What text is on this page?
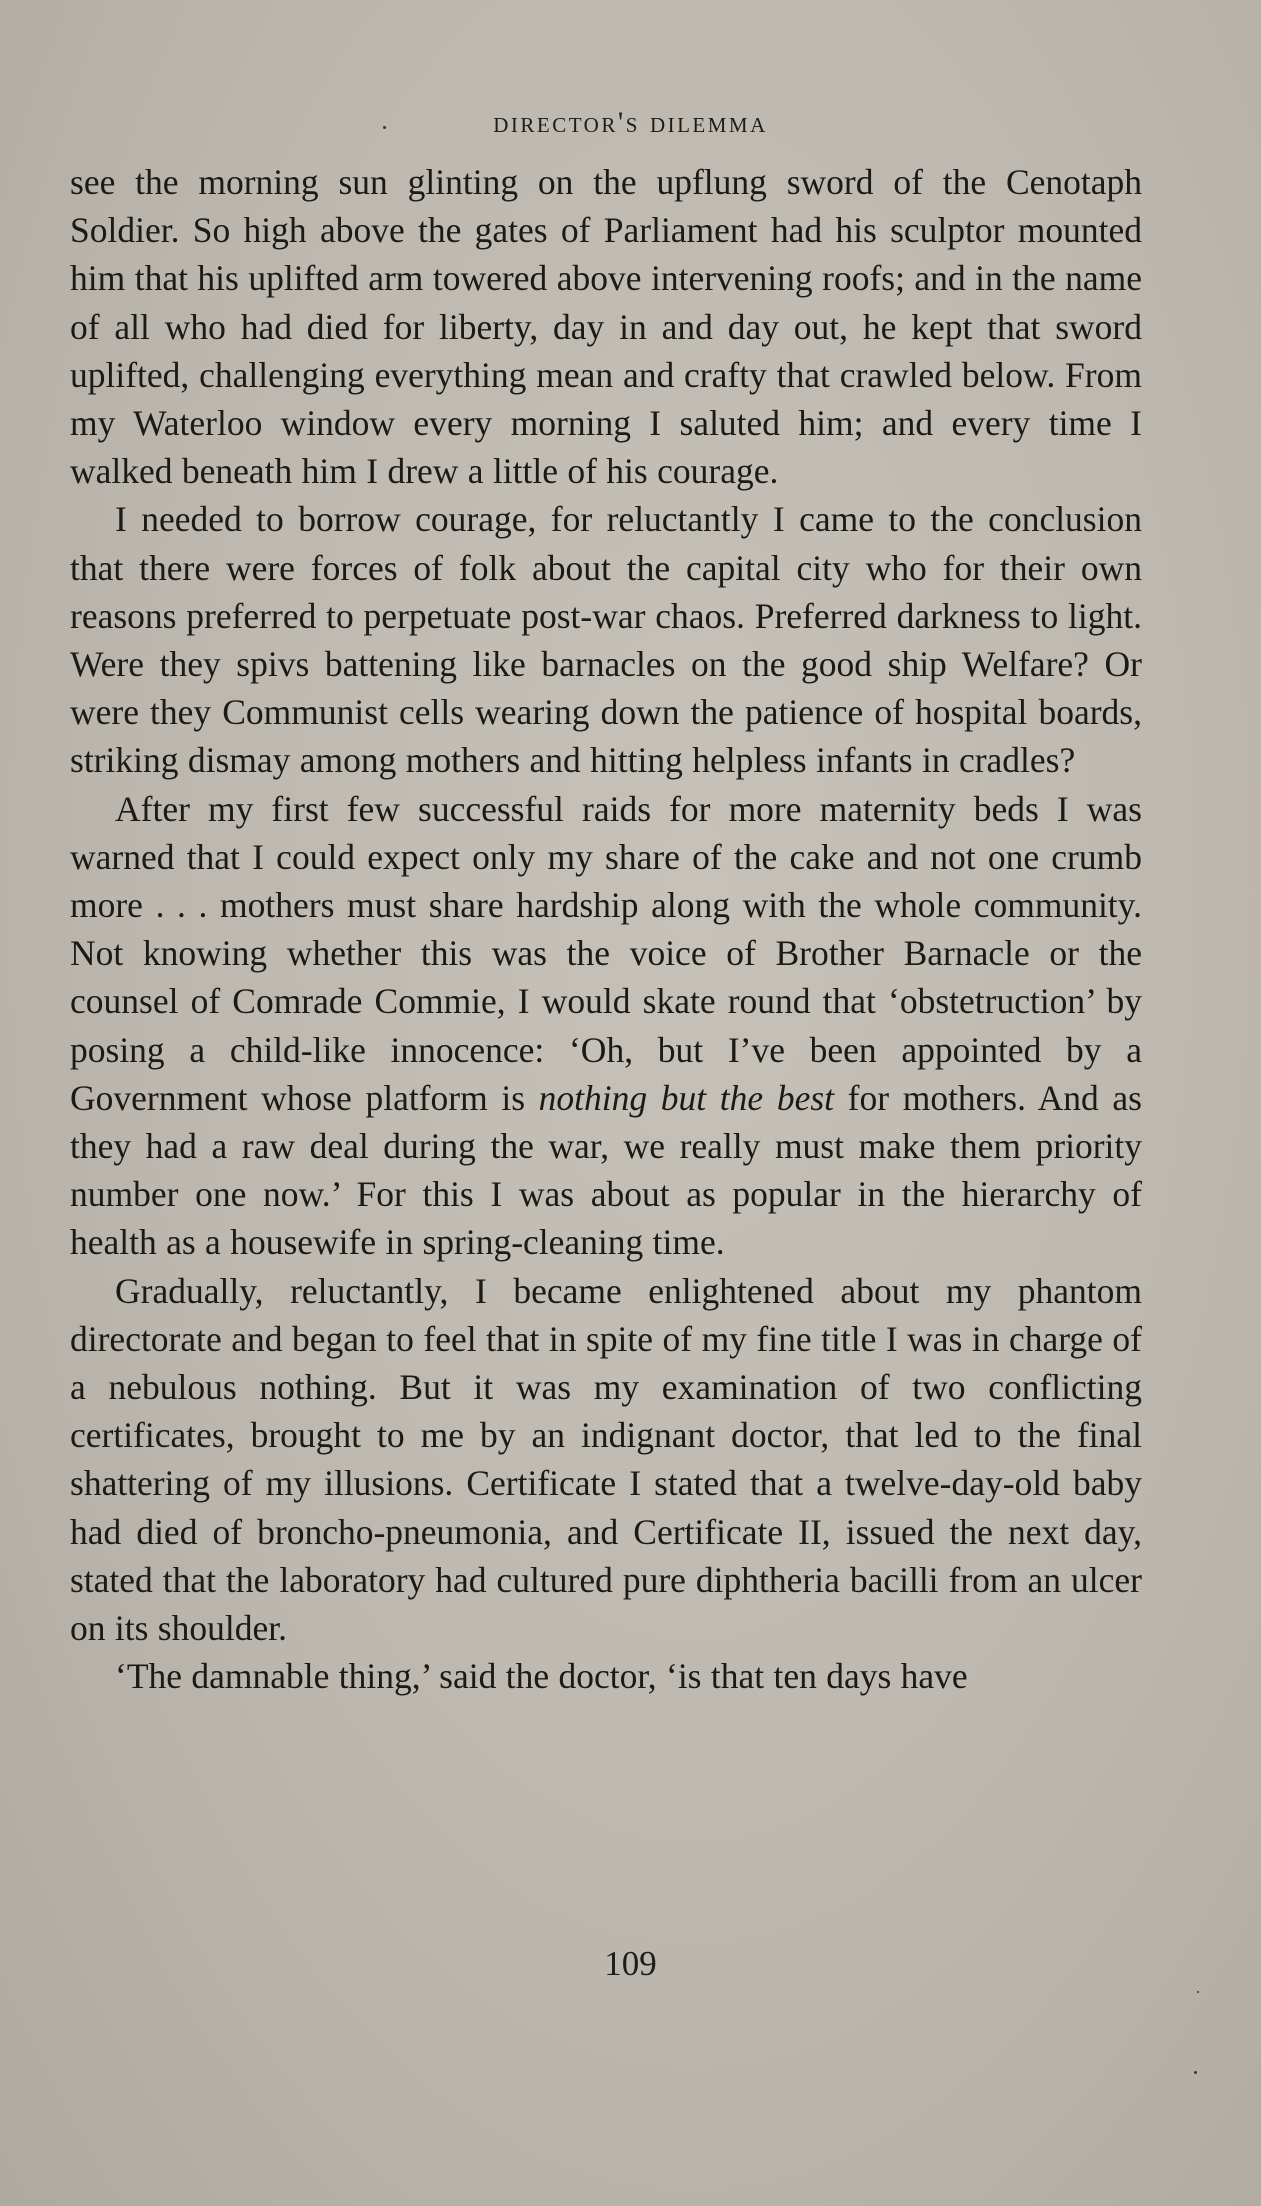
director's dilemma

see the morning sun glinting on the upflung sword of the Cenotaph Soldier. So high above the gates of Parliament had his sculptor mounted him that his uplifted arm towered above intervening roofs; and in the name of all who had died for liberty, day in and day out, he kept that sword uplifted, challenging everything mean and crafty that crawled below. From my Waterloo window every morning I saluted him; and every time I walked beneath him I drew a little of his courage.

I needed to borrow courage, for reluctantly I came to the conclusion that there were forces of folk about the capital city who for their own reasons preferred to perpetuate post-war chaos. Preferred darkness to light. Were they spivs battening like barnacles on the good ship Welfare? Or were they Communist cells wearing down the patience of hospital boards, striking dismay among mothers and hitting helpless infants in cradles?

After my first few successful raids for more maternity beds I was warned that I could expect only my share of the cake and not one crumb more . . . mothers must share hardship along with the whole community. Not knowing whether this was the voice of Brother Barnacle or the counsel of Comrade Commie, I would skate round that ‘obstetruction’ by posing a child-like innocence: ‘Oh, but I’ve been appointed by a Government whose platform is nothing but the best for mothers. And as they had a raw deal during the war, we really must make them priority number one now.’ For this I was about as popular in the hierarchy of health as a housewife in spring-cleaning time.

Gradually, reluctantly, I became enlightened about my phantom directorate and began to feel that in spite of my fine title I was in charge of a nebulous nothing. But it was my examination of two conflicting certificates, brought to me by an indignant doctor, that led to the final shattering of my illusions. Certificate I stated that a twelve-day-old baby had died of broncho-pneumonia, and Certificate II, issued the next day, stated that the laboratory had cultured pure diphtheria bacilli from an ulcer on its shoulder.

‘The damnable thing,’ said the doctor, ‘is that ten days have

109
